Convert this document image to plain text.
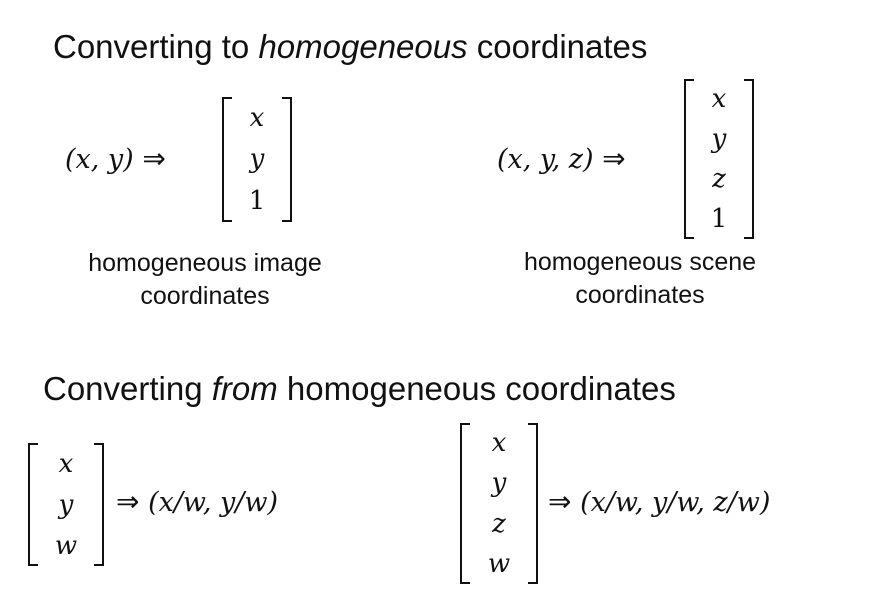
Converting to homogeneous coordinates
(x, y) ⇒
x
y
1
homogeneous image
coordinates
(x, y, z) ⇒
x
y
z
1
homogeneous scene
coordinates
Converting from homogeneous coordinates
x
y
w
⇒ (x/w, y/w)
x
y
z
w
⇒ (x/w, y/w, z/w)
